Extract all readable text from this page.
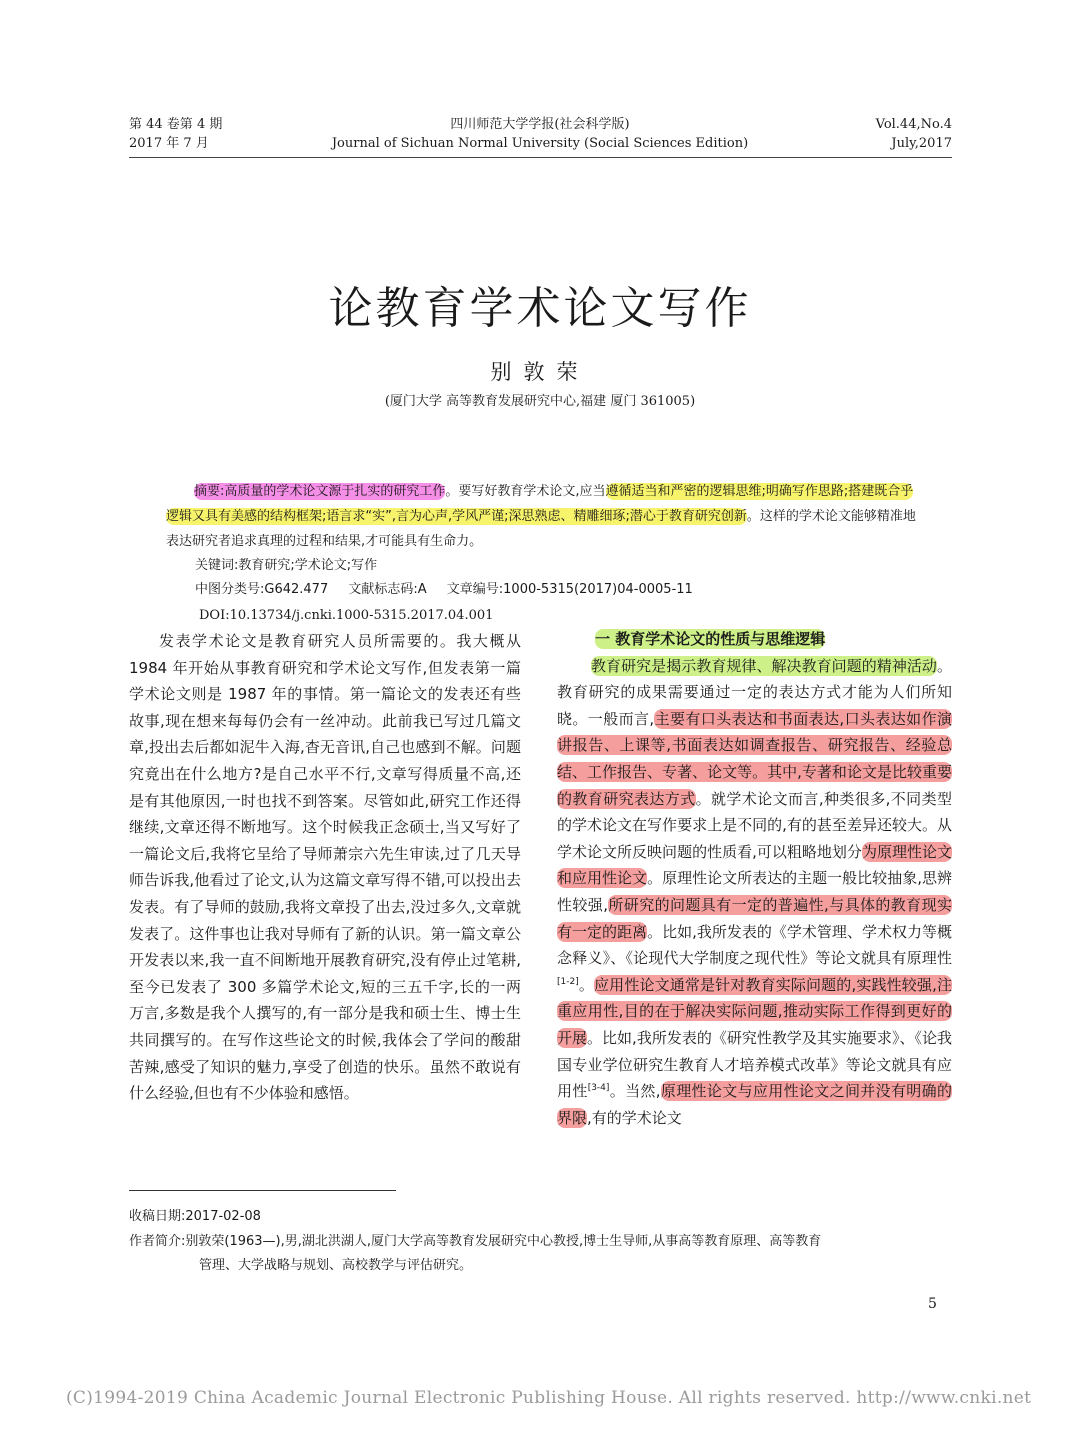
第 44 卷第 4 期
2017 年 7 月
四川师范大学学报(社会科学版)
Journal of Sichuan Normal University (Social Sciences Edition)
Vol.44,No.4
July,2017
论教育学术论文写作
别敦荣
(厦门大学 高等教育发展研究中心,福建 厦门 361005)
摘要:高质量的学术论文源于扎实的研究工作。要写好教育学术论文,应当遵循适当和严密的逻辑思维;明确写作思路;搭建既合乎逻辑又具有美感的结构框架;语言求“实”,言为心声,学风严谨;深思熟虑、精雕细琢;潜心于教育研究创新。这样的学术论文能够精准地表达研究者追求真理的过程和结果,才可能具有生命力。
关键词:教育研究;学术论文;写作
中图分类号:G642.477 文献标志码:A 文章编号:1000-5315(2017)04-0005-11
DOI:10.13734/j.cnki.1000-5315.2017.04.001
发表学术论文是教育研究人员所需要的。我大概从 1984 年开始从事教育研究和学术论文写作,但发表第一篇学术论文则是 1987 年的事情。第一篇论文的发表还有些故事,现在想来每每仍会有一丝冲动。此前我已写过几篇文章,投出去后都如泥牛入海,杳无音讯,自己也感到不解。问题究竟出在什么地方?是自己水平不行,文章写得质量不高,还是有其他原因,一时也找不到答案。尽管如此,研究工作还得继续,文章还得不断地写。这个时候我正念硕士,当又写好了一篇论文后,我将它呈给了导师萧宗六先生审读,过了几天导师告诉我,他看过了论文,认为这篇文章写得不错,可以投出去发表。有了导师的鼓励,我将文章投了出去,没过多久,文章就发表了。这件事也让我对导师有了新的认识。第一篇文章公开发表以来,我一直不间断地开展教育研究,没有停止过笔耕,至今已发表了 300 多篇学术论文,短的三五千字,长的一两万言,多数是我个人撰写的,有一部分是我和硕士生、博士生共同撰写的。在写作这些论文的时候,我体会了学问的酸甜苦辣,感受了知识的魅力,享受了创造的快乐。虽然不敢说有什么经验,但也有不少体验和感悟。
一 教育学术论文的性质与思维逻辑
教育研究是揭示教育规律、解决教育问题的精神活动。教育研究的成果需要通过一定的表达方式才能为人们所知晓。一般而言,主要有口头表达和书面表达,口头表达如作演讲报告、上课等,书面表达如调查报告、研究报告、经验总结、工作报告、专著、论文等。其中,专著和论文是比较重要的教育研究表达方式。就学术论文而言,种类很多,不同类型的学术论文在写作要求上是不同的,有的甚至差异还较大。从学术论文所反映问题的性质看,可以粗略地划分为原理性论文和应用性论文。原理性论文所表达的主题一般比较抽象,思辨性较强,所研究的问题具有一定的普遍性,与具体的教育现实有一定的距离。比如,我所发表的《学术管理、学术权力等概念释义》、《论现代大学制度之现代性》等论文就具有原理性[1-2]。应用性论文通常是针对教育实际问题的,实践性较强,注重应用性,目的在于解决实际问题,推动实际工作得到更好的开展。比如,我所发表的《研究性教学及其实施要求》、《论我国专业学位研究生教育人才培养模式改革》等论文就具有应用性[3-4]。当然,原理性论文与应用性论文之间并没有明确的界限,有的学术论文
收稿日期:2017-02-08
作者简介:别敦荣(1963—),男,湖北洪湖人,厦门大学高等教育发展研究中心教授,博士生导师,从事高等教育原理、高等教育
管理、大学战略与规划、高校教学与评估研究。
5
(C)1994-2019 China Academic Journal Electronic Publishing House. All rights reserved. http://www.cnki.net
